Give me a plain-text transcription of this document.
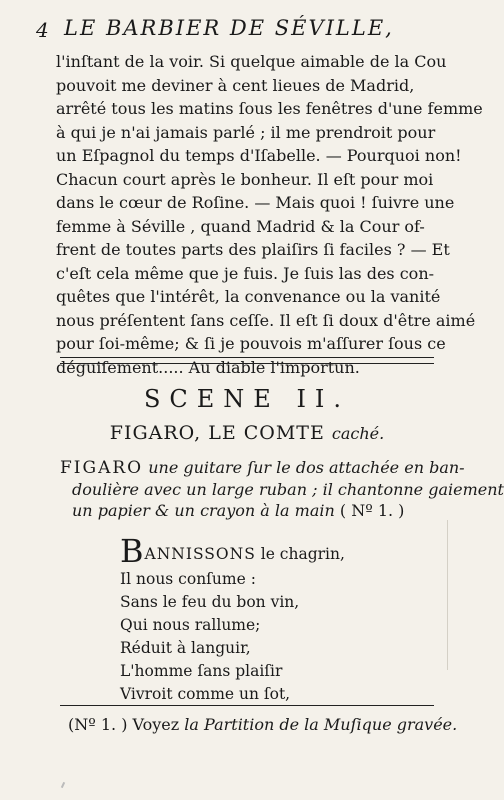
4 LE BARBIER DE SÉVILLE,

l'inſtant de la voir. Si quelque aimable de la Cou

pouvoit me deviner à cent lieues de Madrid,

arrêté tous les matins ſous les fenêtres d'une femme

à qui je n'ai jamais parlé ; il me prendroit pour

un Eſpagnol du temps d'Iſabelle. — Pourquoi non!

Chacun court après le bonheur. Il eſt pour moi

dans le cœur de Roſine. — Mais quoi ! ſuivre une

femme à Séville , quand Madrid & la Cour of-

frent de toutes parts des plaiſirs ſi faciles ? — Et

c'eſt cela même que je fuis. Je ſuis las des con-

quêtes que l'intérêt, la convenance ou la vanité

nous préſentent ſans ceſſe. Il eſt ſi doux d'être aimé

pour ſoi-même; & ſi je pouvois m'aſſurer ſous ce

déguiſement..... Au diable l'importun.

SCENE II.
FIGARO, LE COMTE caché.
FIGARO une guitare ſur le dos attachée en ban-
doulière avec un large ruban ; il chantonne gaiement
un papier & un crayon à la main ( Nº 1. )
BANNISSONS le chagrin,
Il nous conſume :
Sans le feu du bon vin,
Qui nous rallume;
Réduit à languir,
L'homme ſans plaiſir
Vivroit comme un ſot,
(Nº 1. ) Voyez la Partition de la Muſique gravée.
